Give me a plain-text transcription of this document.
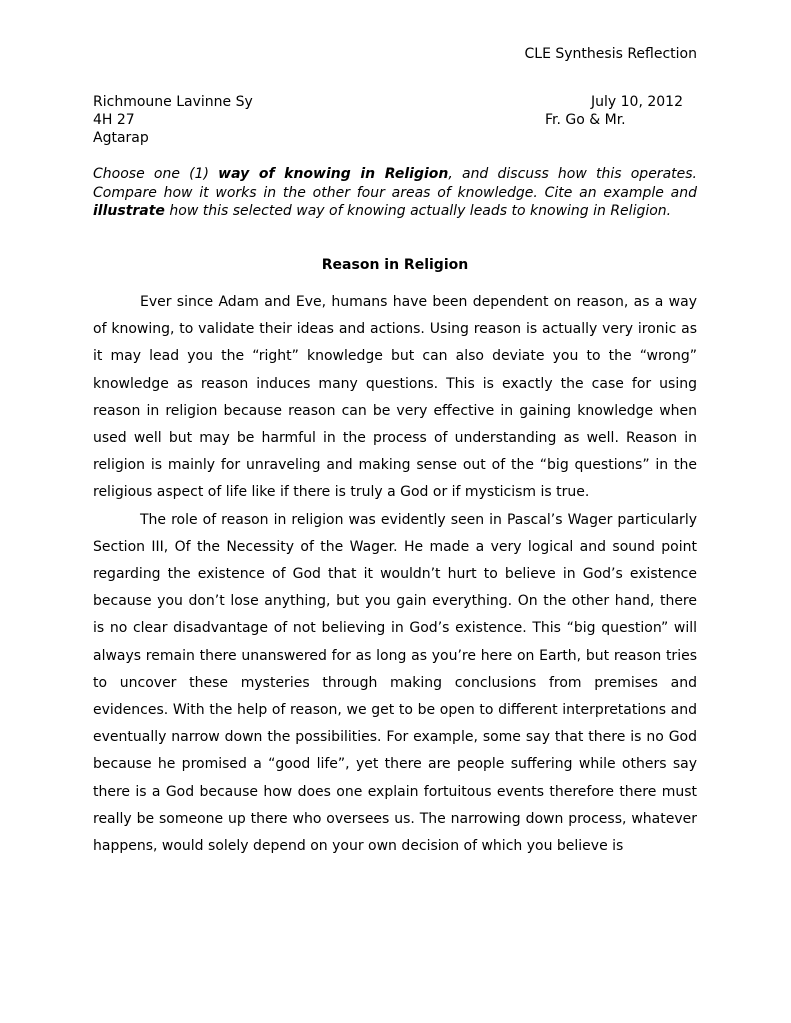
CLE Synthesis Reflection
Richmoune Lavinne Sy	July 10, 2012
4H 27	Fr. Go & Mr.
Agtarap

Choose one (1) way of knowing in Religion, and discuss how this operates. Compare how it works in the other four areas of knowledge. Cite an example and illustrate how this selected way of knowing actually leads to knowing in Religion.

Reason in Religion

Ever since Adam and Eve, humans have been dependent on reason, as a way of knowing, to validate their ideas and actions. Using reason is actually very ironic as it may lead you the “right” knowledge but can also deviate you to the “wrong” knowledge as reason induces many questions. This is exactly the case for using reason in religion because reason can be very effective in gaining knowledge when used well but may be harmful in the process of understanding as well. Reason in religion is mainly for unraveling and making sense out of the “big questions” in the religious aspect of life like if there is truly a God or if mysticism is true.

The role of reason in religion was evidently seen in Pascal’s Wager particularly Section III, Of the Necessity of the Wager. He made a very logical and sound point regarding the existence of God that it wouldn’t hurt to believe in God’s existence because you don’t lose anything, but you gain everything. On the other hand, there is no clear disadvantage of not believing in God’s existence. This “big question” will always remain there unanswered for as long as you’re here on Earth, but reason tries to uncover these mysteries through making conclusions from premises and evidences. With the help of reason, we get to be open to different interpretations and eventually narrow down the possibilities. For example, some say that there is no God because he promised a “good life”, yet there are people suffering while others say there is a God because how does one explain fortuitous events therefore there must really be someone up there who oversees us. The narrowing down process, whatever happens, would solely depend on your own decision of which you believe is
